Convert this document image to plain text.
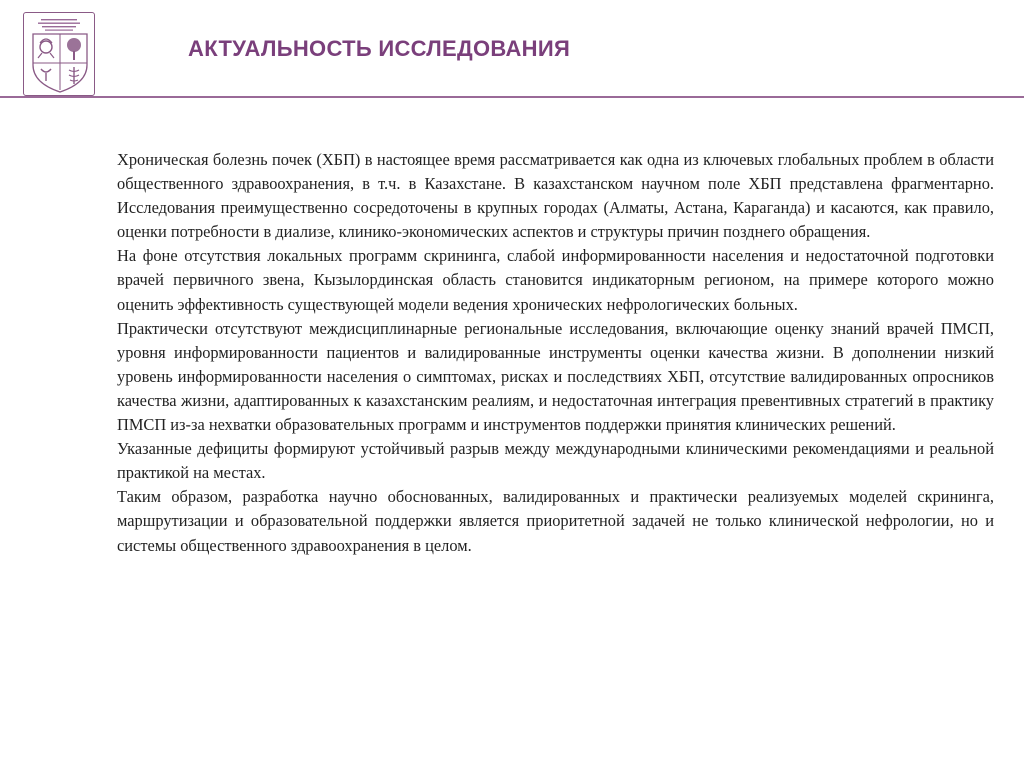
АКТУАЛЬНОСТЬ ИССЛЕДОВАНИЯ

Хроническая болезнь почек (ХБП) в настоящее время рассматривается как одна из ключевых глобальных проблем в области общественного здравоохранения, в т.ч. в Казахстане. В казахстанском научном поле ХБП представлена фрагментарно. Исследования преимущественно сосредоточены в крупных городах (Алматы, Астана, Караганда) и касаются, как правило, оценки потребности в диализе, клинико-экономических аспектов и структуры причин позднего обращения.

На фоне отсутствия локальных программ скрининга, слабой информированности населения и недостаточной подготовки врачей первичного звена, Кызылординская область становится индикаторным регионом, на примере которого можно оценить эффективность существующей модели ведения хронических нефрологических больных.

Практически отсутствуют междисциплинарные региональные исследования, включающие оценку знаний врачей ПМСП, уровня информированности пациентов и валидированные инструменты оценки качества жизни. В дополнении низкий уровень информированности населения о симптомах, рисках и последствиях ХБП, отсутствие валидированных опросников качества жизни, адаптированных к казахстанским реалиям, и недостаточная интеграция превентивных стратегий в практику ПМСП из-за нехватки образовательных программ и инструментов поддержки принятия клинических решений.

Указанные дефициты формируют устойчивый разрыв между международными клиническими рекомендациями и реальной практикой на местах.

Таким образом, разработка научно обоснованных, валидированных и практически реализуемых моделей скрининга, маршрутизации и образовательной поддержки является приоритетной задачей не только клинической нефрологии, но и системы общественного здравоохранения в целом.
